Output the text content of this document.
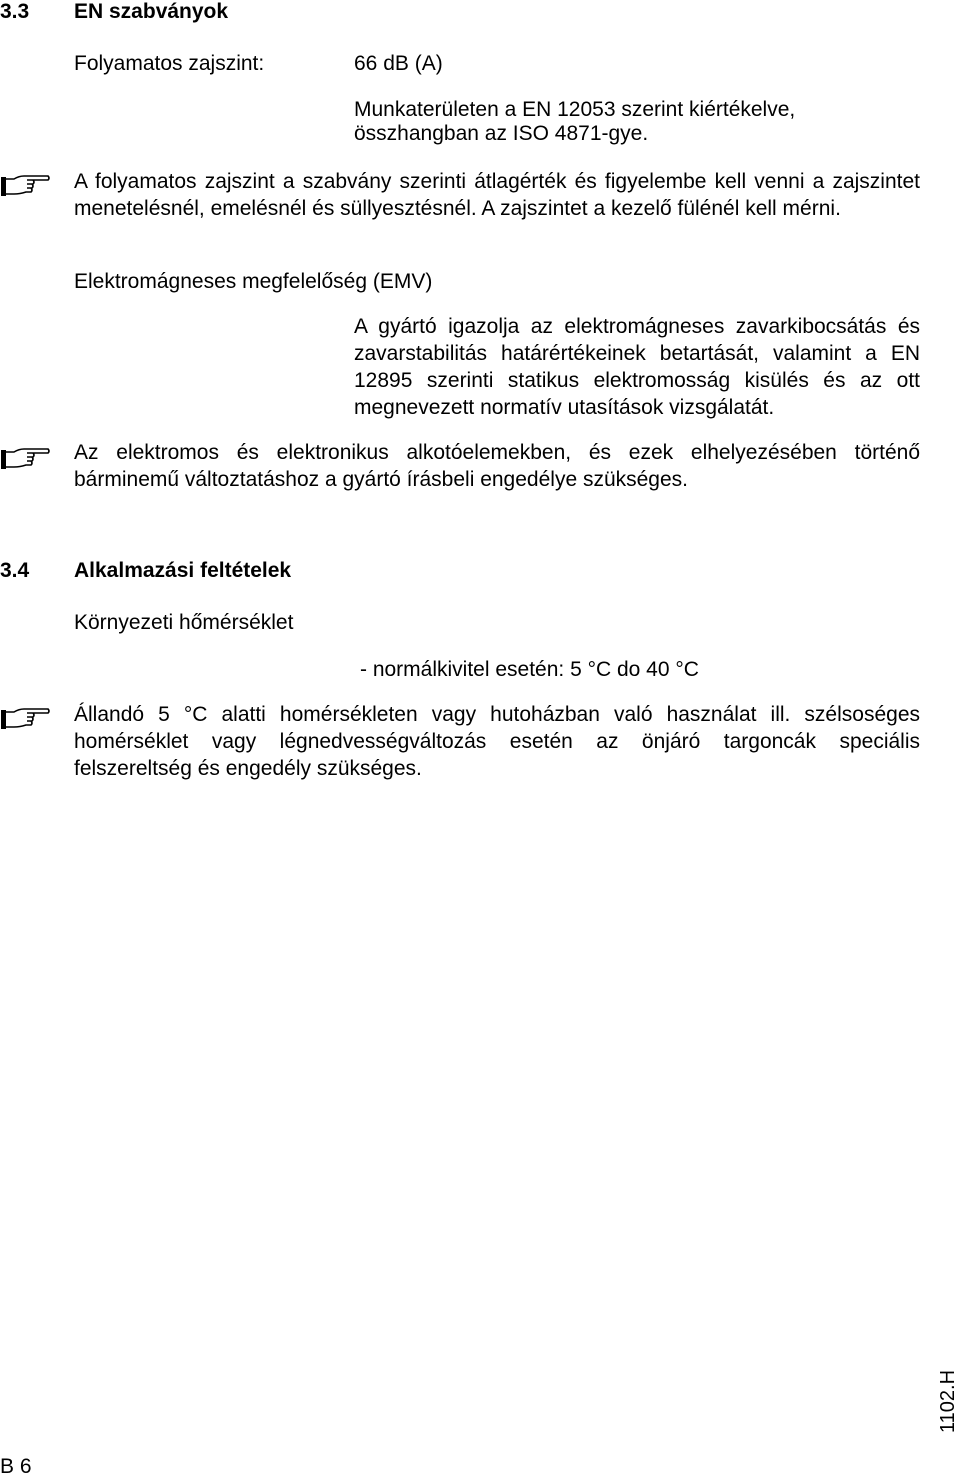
3.3 EN szabványok
Folyamatos zajszint:	66 dB (A)
Munkaterületen a EN 12053 szerint kiértékelve,
összhangban az ISO 4871-gye.
A folyamatos zajszint a szabvány szerinti átlagérték és figyelembe kell venni a zajszintet menetelésnél, emelésnél és süllyesztésnél. A zajszintet a kezelő fülénél kell mérni.
Elektromágneses megfelelőség (EMV)
A gyártó igazolja az elektromágneses zavarkibocsátás és zavarstabilitás határértékeinek betartását, valamint a EN 12895 szerinti statikus elektromosság kisülés és az ott megnevezett normatív utasítások vizsgálatát.
Az elektromos és elektronikus alkotóelemekben, és ezek elhelyezésében történő bárminemű változtatáshoz a gyártó írásbeli engedélye szükséges.
3.4 Alkalmazási feltételek
Környezeti hőmérséklet
- normálkivitel esetén: 5 °C do 40 °C
Állandó 5 °C alatti homérsékleten vagy hutoházban való használat ill. szélsoséges homérséklet vagy légnedvességváltozás esetén az önjáró targoncák speciális felszereltség és engedély szükséges.
1102.H
B 6
